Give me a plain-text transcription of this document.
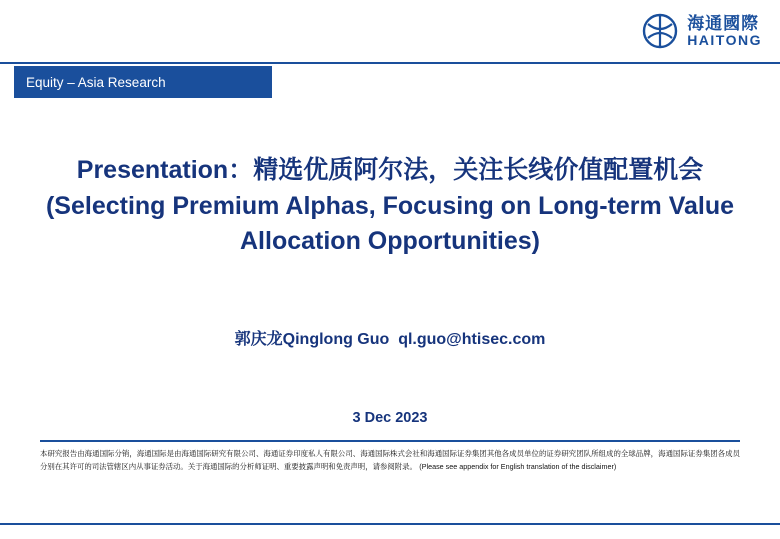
海通國際
HAITONG
Equity – Asia Research
Presentation：精选优质阿尔法，关注长线价值配置机会(Selecting Premium Alphas, Focusing on Long-term Value Allocation Opportunities)
郭庆龙Qinglong Guo ql.guo@htisec.com
3 Dec 2023
本研究报告由海通国际分销，海通国际是由海通国际研究有限公司、海通证券印度私人有限公司、海通国际株式会社和海通国际证券集团其他各成员单位的证券研究团队所组成的全球品牌，海通国际证券集团各成员分别在其许可的司法管辖区内从事证券活动。关于海通国际的分析师证明、重要披露声明和免责声明，请参阅附录。 (Please see appendix for English translation of the disclaimer)
